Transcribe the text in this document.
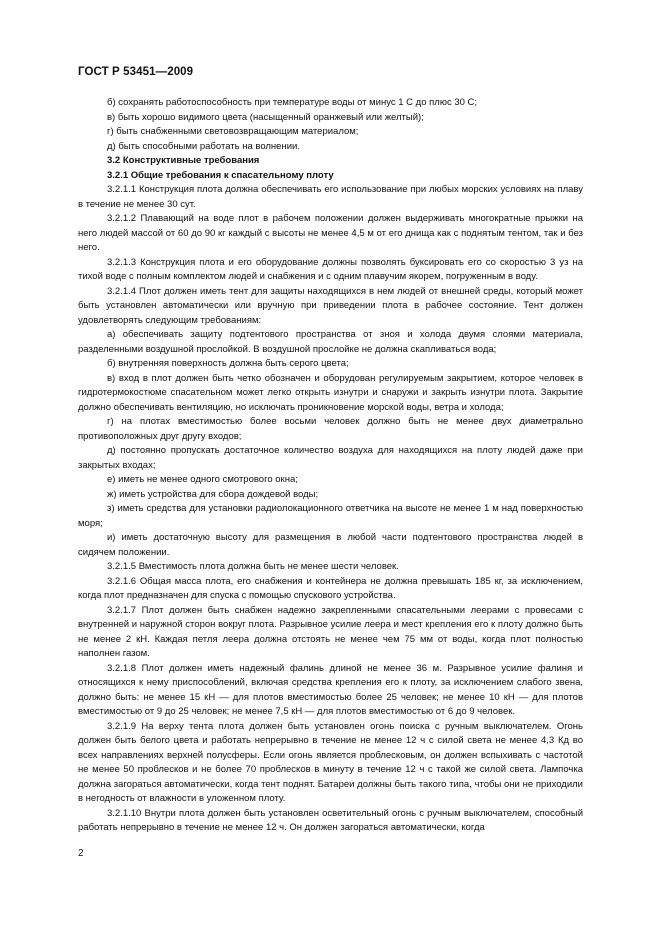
ГОСТ Р 53451—2009

б) сохранять работоспособность при температуре воды от минус 1 С до плюс 30 С;

в) быть хорошо видимого цвета (насыщенный оранжевый или желтый);

г) быть снабженными световозвращающим материалом;

д) быть способными работать на волнении.

3.2 Конструктивные требования

3.2.1 Общие требования к спасательному плоту

3.2.1.1 Конструкция плота должна обеспечивать его использование при любых морских условиях на плаву в течение не менее 30 сут.

3.2.1.2 Плавающий на воде плот в рабочем положении должен выдерживать многократные прыжки на него людей массой от 60 до 90 кг каждый с высоты не менее 4,5 м от его днища как с поднятым тентом, так и без него.

3.2.1.3 Конструкция плота и его оборудование должны позволять буксировать его со скоростью 3 уз на тихой воде с полным комплектом людей и снабжения и с одним плавучим якорем, погруженным в воду.

3.2.1.4 Плот должен иметь тент для защиты находящихся в нем людей от внешней среды, который может быть установлен автоматически или вручную при приведении плота в рабочее состояние. Тент должен удовлетворять следующим требованиям:

а) обеспечивать защиту подтентового пространства от зноя и холода двумя слоями материала, разделенными воздушной прослойкой. В воздушной прослойке не должна скапливаться вода;

б) внутренняя поверхность должна быть серого цвета;

в) вход в плот должен быть четко обозначен и оборудован регулируемым закрытием, которое человек в гидротермокостюме спасательном может легко открыть изнутри и снаружи и закрыть изнутри плота. Закрытие должно обеспечивать вентиляцию, но исключать проникновение морской воды, ветра и холода;

г) на плотах вместимостью более восьми человек должно быть не менее двух диаметрально противоположных друг другу входов;

д) постоянно пропускать достаточное количество воздуха для находящихся на плоту людей даже при закрытых входах;

е) иметь не менее одного смотрового окна;

ж) иметь устройства для сбора дождевой воды;

з) иметь средства для установки радиолокационного ответчика на высоте не менее 1 м над поверхностью моря;

и) иметь достаточную высоту для размещения в любой части подтентового пространства людей в сидячем положении.

3.2.1.5 Вместимость плота должна быть не менее шести человек.

3.2.1.6 Общая масса плота, его снабжения и контейнера не должна превышать 185 кг, за исключением, когда плот предназначен для спуска с помощью спускового устройства.

3.2.1.7 Плот должен быть снабжен надежно закрепленными спасательными леерами с провесами с внутренней и наружной сторон вокруг плота. Разрывное усилие леера и мест крепления его к плоту должно быть не менее 2 кН. Каждая петля леера должна отстоять не менее чем 75 мм от воды, когда плот полностью наполнен газом.

3.2.1.8 Плот должен иметь надежный фалинь длиной не менее 36 м. Разрывное усилие фалиня и относящихся к нему приспособлений, включая средства крепления его к плоту, за исключением слабого звена, должно быть: не менее 15 кН — для плотов вместимостью более 25 человек; не менее 10 кН — для плотов вместимостью от 9 до 25 человек; не менее 7,5 кН — для плотов вместимостью от 6 до 9 человек.

3.2.1.9 На верху тента плота должен быть установлен огонь поиска с ручным выключателем. Огонь должен быть белого цвета и работать непрерывно в течение не менее 12 ч с силой света не менее 4,3 Кд во всех направлениях верхней полусферы. Если огонь является проблесковым, он должен вспыхивать с частотой не менее 50 проблесков и не более 70 проблесков в минуту в течение 12 ч с такой же силой света. Лампочка должна загораться автоматически, когда тент поднят. Батареи должны быть такого типа, чтобы они не приходили в негодность от влажности в уложенном плоту.

3.2.1.10 Внутри плота должен быть установлен осветительный огонь с ручным выключателем, способный работать непрерывно в течение не менее 12 ч. Он должен загораться автоматически, когда

2
